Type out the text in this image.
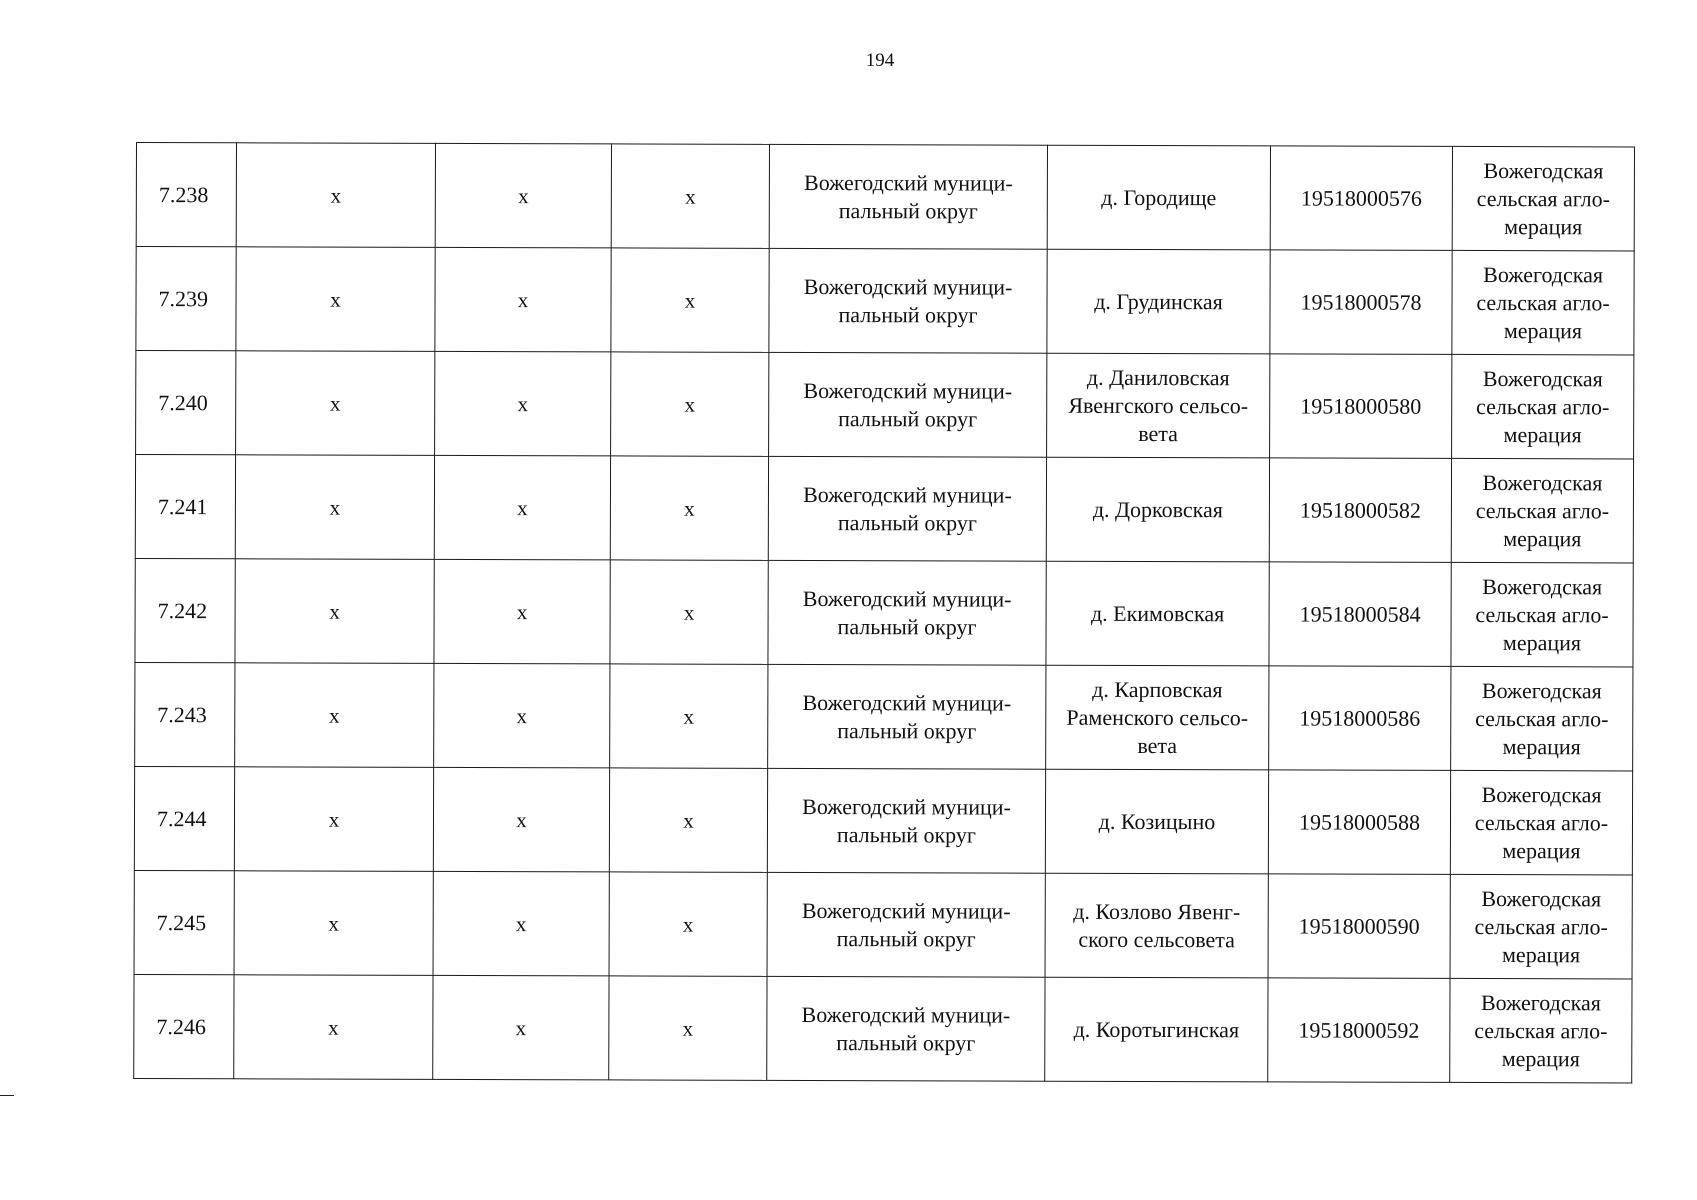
194
7.238	х	х	х	Вожегодский муници-пальный округ	д. Городище	19518000576	Вожегодская сельская агло-мерация
7.239	х	х	х	Вожегодский муници-пальный округ	д. Грудинская	19518000578	Вожегодская сельская агло-мерация
7.240	х	х	х	Вожегодский муници-пальный округ	д. Даниловская Явенгского сельсо-вета	19518000580	Вожегодская сельская агло-мерация
7.241	х	х	х	Вожегодский муници-пальный округ	д. Дорковская	19518000582	Вожегодская сельская агло-мерация
7.242	х	х	х	Вожегодский муници-пальный округ	д. Екимовская	19518000584	Вожегодская сельская агло-мерация
7.243	х	х	х	Вожегодский муници-пальный округ	д. Карповская Раменского сельсо-вета	19518000586	Вожегодская сельская агло-мерация
7.244	х	х	х	Вожегодский муници-пальный округ	д. Козицыно	19518000588	Вожегодская сельская агло-мерация
7.245	х	х	х	Вожегодский муници-пальный округ	д. Козлово Явенг-ского сельсовета	19518000590	Вожегодская сельская агло-мерация
7.246	х	х	х	Вожегодский муници-пальный округ	д. Коротыгинская	19518000592	Вожегодская сельская агло-мерация
